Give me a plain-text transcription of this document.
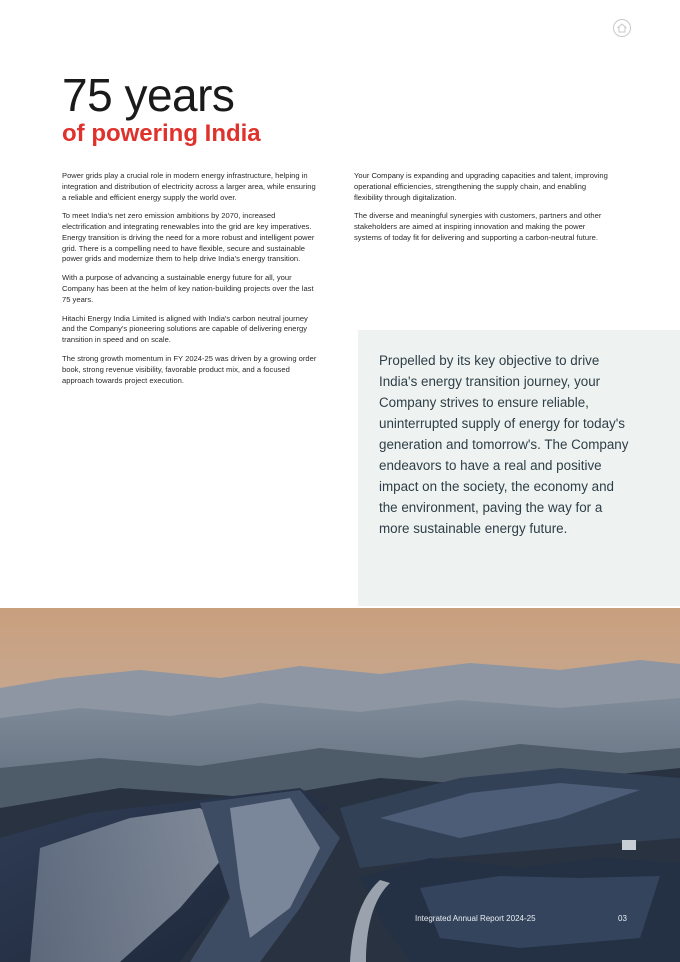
75 years
of powering India

Power grids play a crucial role in modern energy infrastructure, helping in integration and distribution of electricity across a larger area, while ensuring a reliable and efficient energy supply the world over.

To meet India's net zero emission ambitions by 2070, increased electrification and integrating renewables into the grid are key imperatives. Energy transition is driving the need for a more robust and intelligent power grid. There is a compelling need to have flexible, secure and sustainable power grids and modernize them to help drive India's energy transition.

With a purpose of advancing a sustainable energy future for all, your Company has been at the helm of key nation-building projects over the last 75 years.

Hitachi Energy India Limited is aligned with India's carbon neutral journey and the Company's pioneering solutions are capable of delivering energy transition in speed and on scale.

The strong growth momentum in FY 2024-25 was driven by a growing order book, strong revenue visibility, favorable product mix, and a focused approach towards project execution.

Your Company is expanding and upgrading capacities and talent, improving operational efficiencies, strengthening the supply chain, and enabling flexibility through digitalization.

The diverse and meaningful synergies with customers, partners and other stakeholders are aimed at inspiring innovation and making the power systems of today fit for delivering and supporting a carbon-neutral future.

Propelled by its key objective to drive India's energy transition journey, your Company strives to ensure reliable, uninterrupted supply of energy for today's generation and tomorrow's. The Company endeavors to have a real and positive impact on the society, the economy and the environment, paving the way for a more sustainable energy future.

Integrated Annual Report 2024-25	03
